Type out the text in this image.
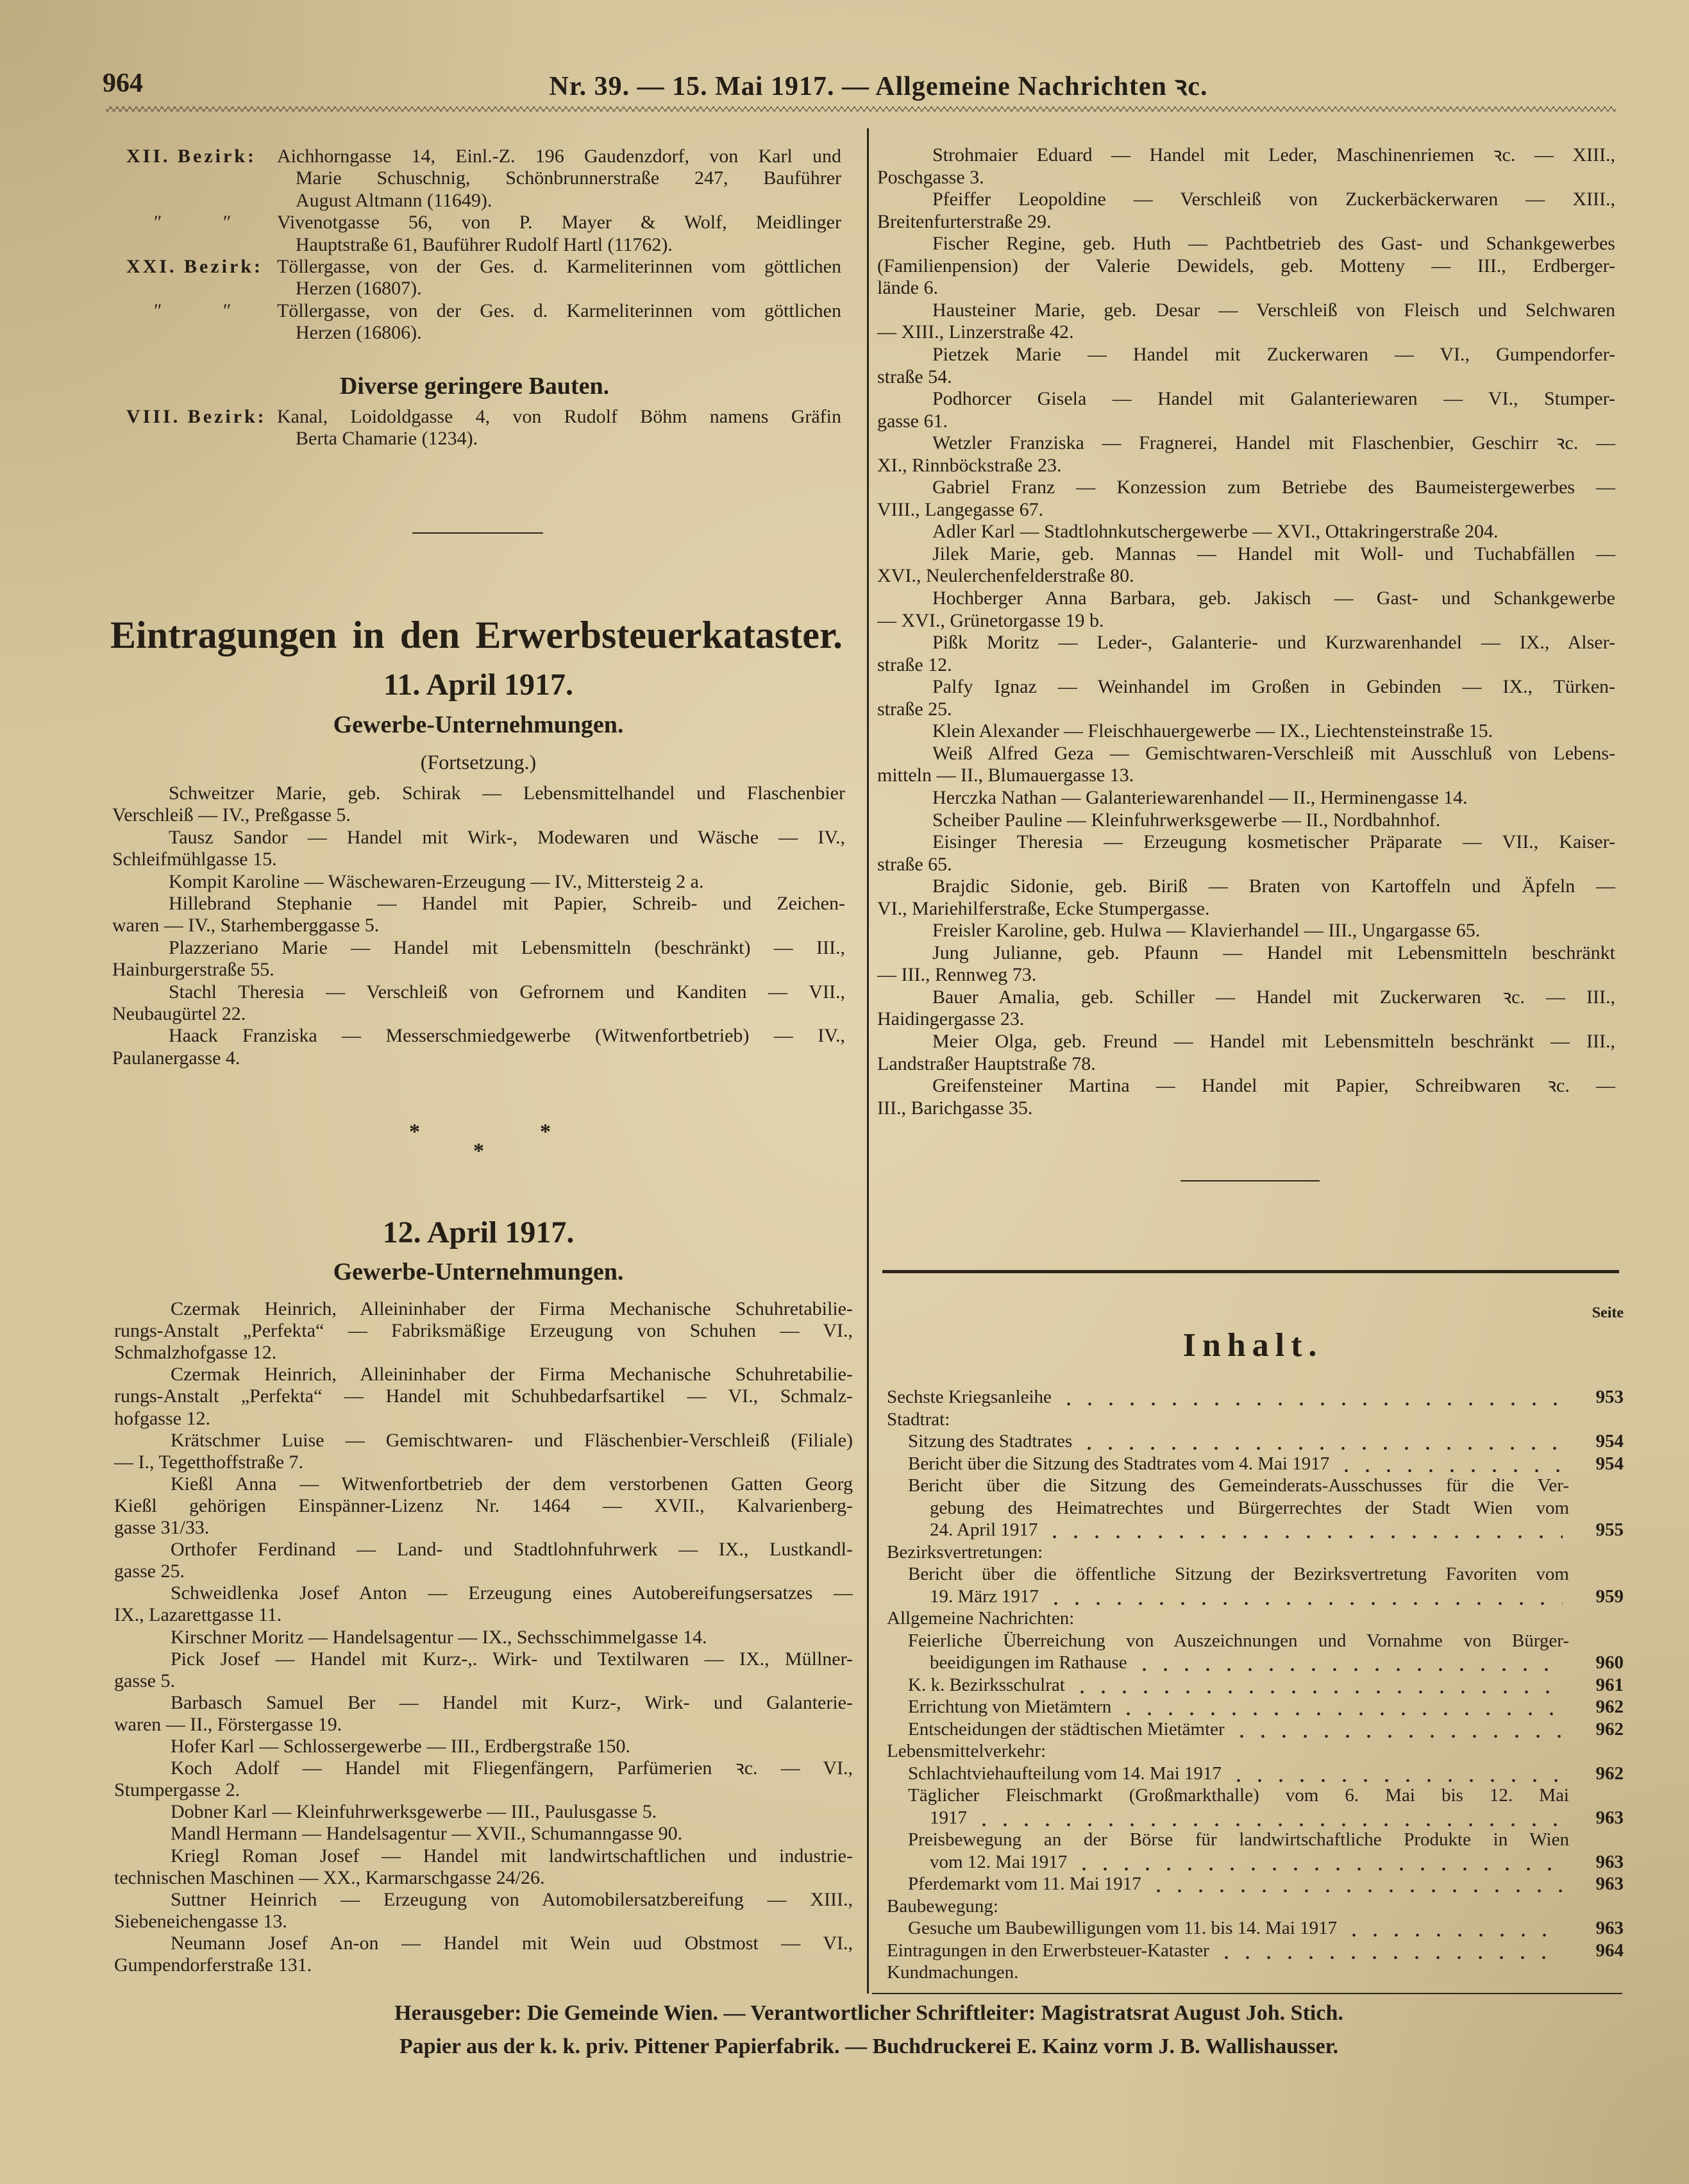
964	Nr. 39. — 15. Mai 1917. — Allgemeine Nachrichten ꝛc.
Diverse geringere Bauten.
Eintragungen in den Erwerbsteuerkataster.
11. April 1917.
Gewerbe-Unternehmungen.
(Fortsetzung.)
*
*
*
12. April 1917.
Gewerbe-Unternehmungen.
Seite
Inhalt.
Herausgeber: Die Gemeinde Wien. — Verantwortlicher Schriftleiter: Magistratsrat August Joh. Stich.
Papier aus der k. k. priv. Pittener Papierfabrik. — Buchdruckerei E. Kainz vorm J. B. Wallishausser.
XII. Bezirk: Aichhorngasse 14, Einl.-Z. 196 Gaudenzdorf, von Karl und
Marie Schuschnig, Schönbrunnerstraße 247, Bauführer
August Altmann (11649).
″	″ Vivenotgasse 56, von P. Mayer & Wolf, Meidlinger
Hauptstraße 61, Bauführer Rudolf Hartl (11762).
XXI. Bezirk: Töllergasse, von der Ges. d. Karmeliterinnen vom göttlichen
Herzen (16807).
″	″ Töllergasse, von der Ges. d. Karmeliterinnen vom göttlichen
Herzen (16806).
VIII. Bezirk: Kanal, Loidoldgasse 4, von Rudolf Böhm namens Gräfin
Berta Chamarie (1234).
Schweitzer Marie, geb. Schirak — Lebensmittelhandel und Flaschenbier
Verschleiß — IV., Preßgasse 5.
Tausz Sandor — Handel mit Wirk-, Modewaren und Wäsche — IV.,
Schleifmühlgasse 15.
Kompit Karoline — Wäschewaren-Erzeugung — IV., Mittersteig 2 a.
Hillebrand Stephanie — Handel mit Papier, Schreib- und Zeichen-
waren — IV., Starhemberggasse 5.
Plazzeriano Marie — Handel mit Lebensmitteln (beschränkt) — III.,
Hainburgerstraße 55.
Stachl Theresia — Verschleiß von Gefrornem und Kanditen — VII.,
Neubaugürtel 22.
Haack Franziska — Messerschmiedgewerbe (Witwenfortbetrieb) — IV.,
Paulanergasse 4.
Czermak Heinrich, Alleininhaber der Firma Mechanische Schuhretabilie-
rungs-Anstalt „Perfekta“ — Fabriksmäßige Erzeugung von Schuhen — VI.,
Schmalzhofgasse 12.
Czermak Heinrich, Alleininhaber der Firma Mechanische Schuhretabilie-
rungs-Anstalt „Perfekta“ — Handel mit Schuhbedarfsartikel — VI., Schmalz-
hofgasse 12.
Krätschmer Luise — Gemischtwaren- und Fläschenbier-Verschleiß (Filiale)
— I., Tegetthoffstraße 7.
Kießl Anna — Witwenfortbetrieb der dem verstorbenen Gatten Georg
Kießl gehörigen Einspänner-Lizenz Nr. 1464 — XVII., Kalvarienberg-
gasse 31/33.
Orthofer Ferdinand — Land- und Stadtlohnfuhrwerk — IX., Lustkandl-
gasse 25.
Schweidlenka Josef Anton — Erzeugung eines Autobereifungsersatzes —
IX., Lazarettgasse 11.
Kirschner Moritz — Handelsagentur — IX., Sechsschimmelgasse 14.
Pick Josef — Handel mit Kurz-,. Wirk- und Textilwaren — IX., Müllner-
gasse 5.
Barbasch Samuel Ber — Handel mit Kurz-, Wirk- und Galanterie-
waren — II., Förstergasse 19.
Hofer Karl — Schlossergewerbe — III., Erdbergstraße 150.
Koch Adolf — Handel mit Fliegenfängern, Parfümerien ꝛc. — VI.,
Stumpergasse 2.
Dobner Karl — Kleinfuhrwerksgewerbe — III., Paulusgasse 5.
Mandl Hermann — Handelsagentur — XVII., Schumanngasse 90.
Kriegl Roman Josef — Handel mit landwirtschaftlichen und industrie-
technischen Maschinen — XX., Karmarschgasse 24/26.
Suttner Heinrich — Erzeugung von Automobilersatzbereifung — XIII.,
Siebeneichengasse 13.
Neumann Josef An-on — Handel mit Wein uud Obstmost — VI.,
Gumpendorferstraße 131.
Strohmaier Eduard — Handel mit Leder, Maschinenriemen ꝛc. — XIII.,
Poschgasse 3.
Pfeiffer Leopoldine — Verschleiß von Zuckerbäckerwaren — XIII.,
Breitenfurterstraße 29.
Fischer Regine, geb. Huth — Pachtbetrieb des Gast- und Schankgewerbes
(Familienpension) der Valerie Dewidels, geb. Motteny — III., Erdberger-
lände 6.
Hausteiner Marie, geb. Desar — Verschleiß von Fleisch und Selchwaren
— XIII., Linzerstraße 42.
Pietzek Marie — Handel mit Zuckerwaren — VI., Gumpendorfer-
straße 54.
Podhorcer Gisela — Handel mit Galanteriewaren — VI., Stumper-
gasse 61.
Wetzler Franziska — Fragnerei, Handel mit Flaschenbier, Geschirr ꝛc. —
XI., Rinnböckstraße 23.
Gabriel Franz — Konzession zum Betriebe des Baumeistergewerbes —
VIII., Langegasse 67.
Adler Karl — Stadtlohnkutschergewerbe — XVI., Ottakringerstraße 204.
Jilek Marie, geb. Mannas — Handel mit Woll- und Tuchabfällen —
XVI., Neulerchenfelderstraße 80.
Hochberger Anna Barbara, geb. Jakisch — Gast- und Schankgewerbe
— XVI., Grünetorgasse 19 b.
Pißk Moritz — Leder-, Galanterie- und Kurzwarenhandel — IX., Alser-
straße 12.
Palfy Ignaz — Weinhandel im Großen in Gebinden — IX., Türken-
straße 25.
Klein Alexander — Fleischhauergewerbe — IX., Liechtensteinstraße 15.
Weiß Alfred Geza — Gemischtwaren-Verschleiß mit Ausschluß von Lebens-
mitteln — II., Blumauergasse 13.
Herczka Nathan — Galanteriewarenhandel — II., Herminengasse 14.
Scheiber Pauline — Kleinfuhrwerksgewerbe — II., Nordbahnhof.
Eisinger Theresia — Erzeugung kosmetischer Präparate — VII., Kaiser-
straße 65.
Brajdic Sidonie, geb. Biriß — Braten von Kartoffeln und Äpfeln —
VI., Mariehilferstraße, Ecke Stumpergasse.
Freisler Karoline, geb. Hulwa — Klavierhandel — III., Ungargasse 65.
Jung Julianne, geb. Pfaunn — Handel mit Lebensmitteln beschränkt
— III., Rennweg 73.
Bauer Amalia, geb. Schiller — Handel mit Zuckerwaren ꝛc. — III.,
Haidingergasse 23.
Meier Olga, geb. Freund — Handel mit Lebensmitteln beschränkt — III.,
Landstraßer Hauptstraße 78.
Greifensteiner Martina — Handel mit Papier, Schreibwaren ꝛc. —
III., Barichgasse 35.
Sechste Kriegsanleihe	953
Stadtrat:
Sitzung des Stadtrates	954
Bericht über die Sitzung des Stadtrates vom 4. Mai 1917	954
Bericht über die Sitzung des Gemeinderats-Ausschusses für die Ver-
gebung des Heimatrechtes und Bürgerrechtes der Stadt Wien vom
24. April 1917	955
Bezirksvertretungen:
Bericht über die öffentliche Sitzung der Bezirksvertretung Favoriten vom
19. März 1917	959
Allgemeine Nachrichten:
Feierliche Überreichung von Auszeichnungen und Vornahme von Bürger-
beeidigungen im Rathause	960
K. k. Bezirksschulrat	961
Errichtung von Mietämtern	962
Entscheidungen der städtischen Mietämter	962
Lebensmittelverkehr:
Schlachtviehaufteilung vom 14. Mai 1917	962
Täglicher Fleischmarkt (Großmarkthalle) vom 6. Mai bis 12. Mai
1917	963
Preisbewegung an der Börse für landwirtschaftliche Produkte in Wien
vom 12. Mai 1917	963
Pferdemarkt vom 11. Mai 1917	963
Baubewegung:
Gesuche um Baubewilligungen vom 11. bis 14. Mai 1917	963
Eintragungen in den Erwerbsteuer-Kataster	964
Kundmachungen.
